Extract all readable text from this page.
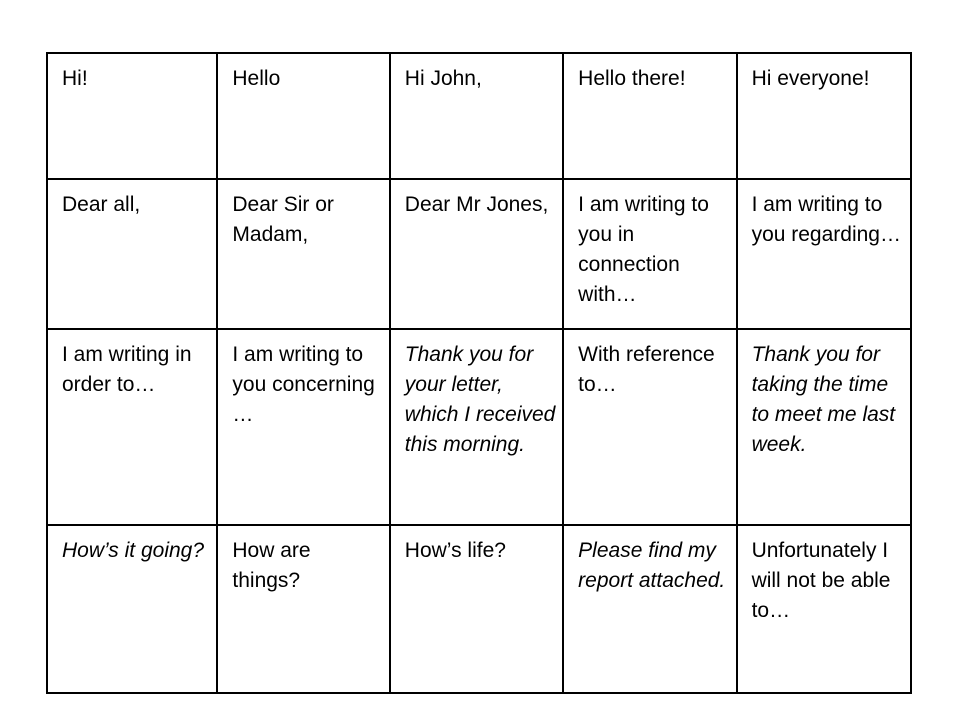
Hi!	Hello	Hi John,	Hello there!	Hi everyone!
Dear all,	Dear Sir or Madam,	Dear Mr Jones,	I am writing to you in connection with…	I am writing to you regarding…
I am writing in order to…	I am writing to you concerning …	Thank you for your letter, which I received this morning.	With reference to…	Thank you for taking the time to meet me last week.
How’s it going?	How are things?	How’s life?	Please find my report attached.	Unfortunately I will not be able to…
